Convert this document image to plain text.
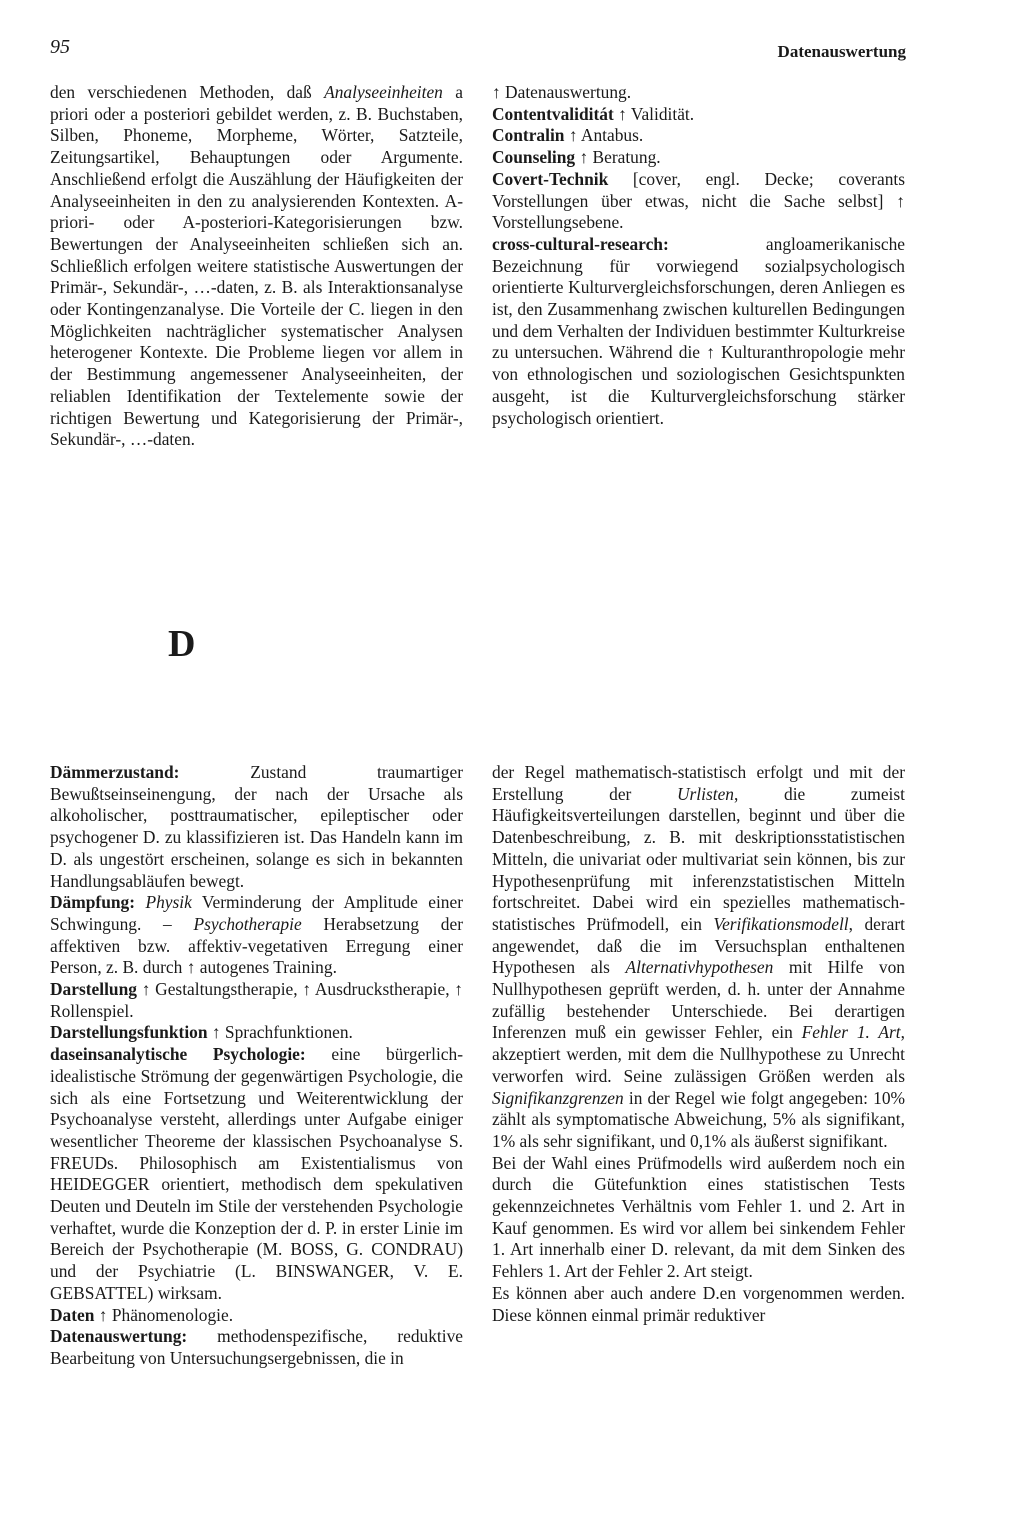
95	Datenauswertung

den verschiedenen Methoden, daß Analyseeinheiten a priori oder a posteriori gebildet werden, z. B. Buchstaben, Silben, Phoneme, Morpheme, Wörter, Satzteile, Zeitungsartikel, Behauptungen oder Argumente. Anschließend erfolgt die Auszählung der Häufigkeiten der Analyseeinheiten in den zu analysierenden Kontexten. A-priori- oder A-posteriori-Kategorisierungen bzw. Bewertungen der Analyseeinheiten schließen sich an. Schließlich erfolgen weitere statistische Auswertungen der Primär-, Sekundär-, …-daten, z. B. als Interaktionsanalyse oder Kontingenzanalyse. Die Vorteile der C. liegen in den Möglichkeiten nachträglicher systematischer Analysen heterogener Kontexte. Die Probleme liegen vor allem in der Bestimmung angemessener Analyseeinheiten, der reliablen Identifikation der Textelemente sowie der richtigen Bewertung und Kategorisierung der Primär-, Sekundär-, …-daten.

↑ Datenauswertung.

Contentvaliditát ↑ Validität.

Contralin ↑ Antabus.

Counseling ↑ Beratung.

Covert-Technik [cover, engl. Decke; coverants Vorstellungen über etwas, nicht die Sache selbst] ↑ Vorstellungsebene.

cross-cultural-research: angloamerikanische Bezeichnung für vorwiegend sozialpsychologisch orientierte Kulturvergleichsforschungen, deren Anliegen es ist, den Zusammenhang zwischen kulturellen Bedingungen und dem Verhalten der Individuen bestimmter Kulturkreise zu untersuchen. Während die ↑ Kulturanthropologie mehr von ethnologischen und soziologischen Gesichtspunkten ausgeht, ist die Kulturvergleichsforschung stärker psychologisch orientiert.

D

Dämmerzustand: Zustand traumartiger Bewußtseinseinengung, der nach der Ursache als alkoholischer, posttraumatischer, epileptischer oder psychogener D. zu klassifizieren ist. Das Handeln kann im D. als ungestört erscheinen, solange es sich in bekannten Handlungsabläufen bewegt.

Dämpfung: Physik Verminderung der Amplitude einer Schwingung. – Psychotherapie Herabsetzung der affektiven bzw. affektiv-vegetativen Erregung einer Person, z. B. durch ↑ autogenes Training.

Darstellung ↑ Gestaltungstherapie, ↑ Ausdruckstherapie, ↑ Rollenspiel.

Darstellungsfunktion ↑ Sprachfunktionen.

daseinsanalytische Psychologie: eine bürgerlich-idealistische Strömung der gegenwärtigen Psychologie, die sich als eine Fortsetzung und Weiterentwicklung der Psychoanalyse versteht, allerdings unter Aufgabe einiger wesentlicher Theoreme der klassischen Psychoanalyse S. FREUDs. Philosophisch am Existentialismus von HEIDEGGER orientiert, methodisch dem spekulativen Deuten und Deuteln im Stile der verstehenden Psychologie verhaftet, wurde die Konzeption der d. P. in erster Linie im Bereich der Psychotherapie (M. BOSS, G. CONDRAU) und der Psychiatrie (L. BINSWANGER, V. E. GEBSATTEL) wirksam.

Daten ↑ Phänomenologie.

Datenauswertung: methodenspezifische, reduktive Bearbeitung von Untersuchungsergebnissen, die in

der Regel mathematisch-statistisch erfolgt und mit der Erstellung der Urlisten, die zumeist Häufigkeitsverteilungen darstellen, beginnt und über die Datenbeschreibung, z. B. mit deskriptionsstatistischen Mitteln, die univariat oder multivariat sein können, bis zur Hypothesenprüfung mit inferenzstatistischen Mitteln fortschreitet. Dabei wird ein spezielles mathematisch-statistisches Prüfmodell, ein Verifikationsmodell, derart angewendet, daß die im Versuchsplan enthaltenen Hypothesen als Alternativhypothesen mit Hilfe von Nullhypothesen geprüft werden, d. h. unter der Annahme zufällig bestehender Unterschiede. Bei derartigen Inferenzen muß ein gewisser Fehler, ein Fehler 1. Art, akzeptiert werden, mit dem die Nullhypothese zu Unrecht verworfen wird. Seine zulässigen Größen werden als Signifikanzgrenzen in der Regel wie folgt angegeben: 10% zählt als symptomatische Abweichung, 5% als signifikant, 1% als sehr signifikant, und 0,1% als äußerst signifikant.

Bei der Wahl eines Prüfmodells wird außerdem noch ein durch die Gütefunktion eines statistischen Tests gekennzeichnetes Verhältnis vom Fehler 1. und 2. Art in Kauf genommen. Es wird vor allem bei sinkendem Fehler 1. Art innerhalb einer D. relevant, da mit dem Sinken des Fehlers 1. Art der Fehler 2. Art steigt.

Es können aber auch andere D.en vorgenommen werden. Diese können einmal primär reduktiver
